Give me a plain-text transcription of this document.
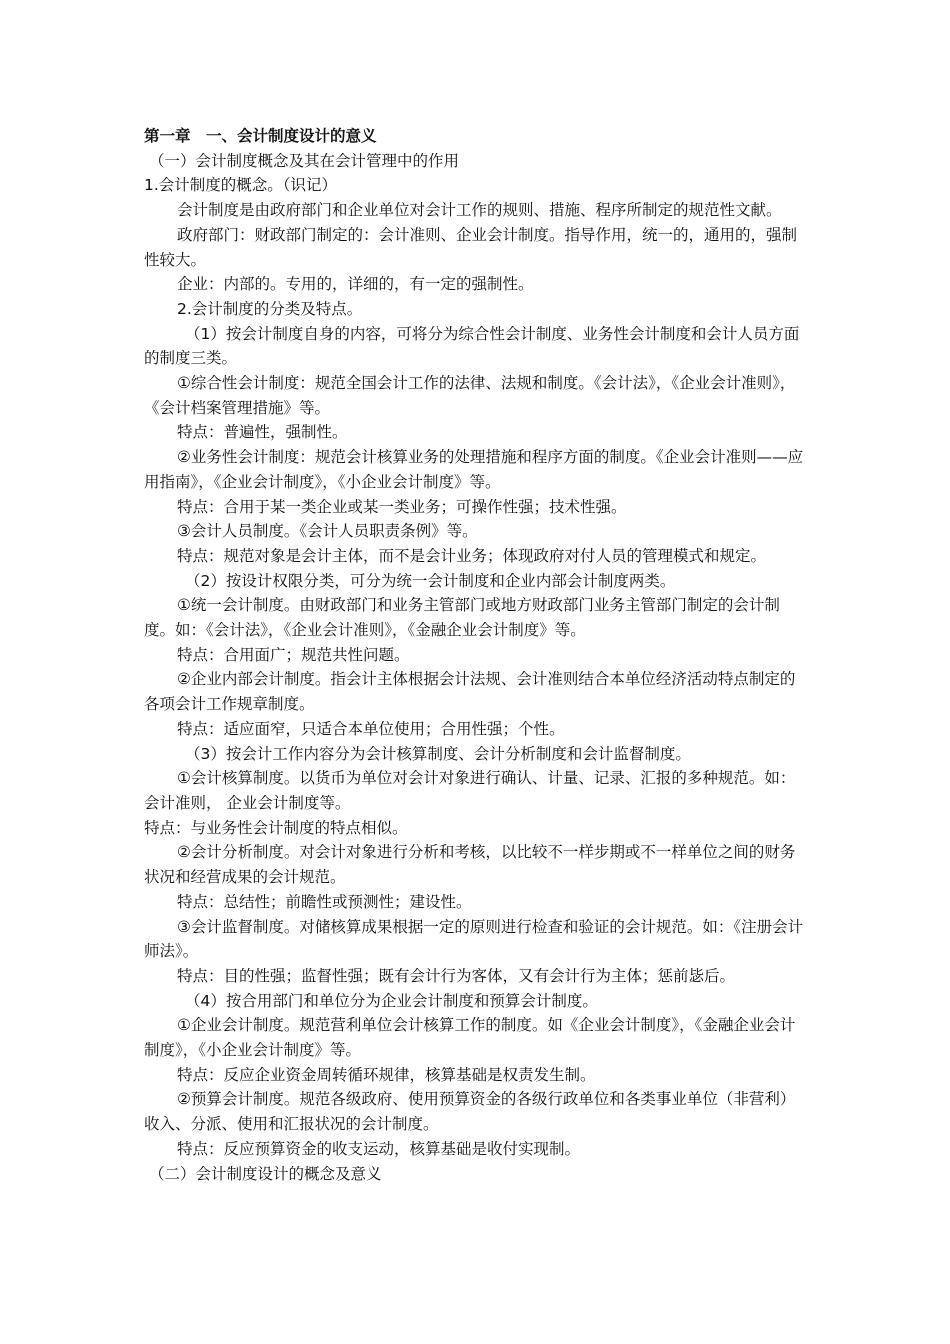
第一章　一、会计制度设计的意义

（一）会计制度概念及其在会计管理中的作用

1.会计制度的概念。（识记）

会计制度是由政府部门和企业单位对会计工作的规则、措施、程序所制定的规范性文献。

政府部门：财政部门制定的：会计准则、企业会计制度。指导作用，统一的，通用的，强制性较大。

企业：内部的。专用的，详细的，有一定的强制性。

2.会计制度的分类及特点。

（1）按会计制度自身的内容，可将分为综合性会计制度、业务性会计制度和会计人员方面的制度三类。

①综合性会计制度：规范全国会计工作的法律、法规和制度。《会计法》，《企业会计准则》，《会计档案管理措施》等。

特点：普遍性，强制性。

②业务性会计制度：规范会计核算业务的处理措施和程序方面的制度。《企业会计准则——应用指南》，《企业会计制度》，《小企业会计制度》等。

特点：合用于某一类企业或某一类业务；可操作性强；技术性强。

③会计人员制度。《会计人员职责条例》等。

特点：规范对象是会计主体，而不是会计业务；体现政府对付人员的管理模式和规定。

（2）按设计权限分类，可分为统一会计制度和企业内部会计制度两类。

①统一会计制度。由财政部门和业务主管部门或地方财政部门业务主管部门制定的会计制度。如：《会计法》，《企业会计准则》，《金融企业会计制度》等。

特点：合用面广；规范共性问题。

②企业内部会计制度。指会计主体根据会计法规、会计准则结合本单位经济活动特点制定的各项会计工作规章制度。

特点：适应面窄，只适合本单位使用；合用性强；个性。

（3）按会计工作内容分为会计核算制度、会计分析制度和会计监督制度。

①会计核算制度。以货币为单位对会计对象进行确认、计量、记录、汇报的多种规范。如：会计准则， 企业会计制度等。

特点：与业务性会计制度的特点相似。

②会计分析制度。对会计对象进行分析和考核，以比较不一样步期或不一样单位之间的财务状况和经营成果的会计规范。

特点：总结性；前瞻性或预测性；建设性。

③会计监督制度。对储核算成果根据一定的原则进行检查和验证的会计规范。如：《注册会计师法》。

特点：目的性强；监督性强；既有会计行为客体，又有会计行为主体；惩前毖后。

（4）按合用部门和单位分为企业会计制度和预算会计制度。

①企业会计制度。规范营利单位会计核算工作的制度。如《企业会计制度》，《金融企业会计制度》，《小企业会计制度》等。

特点：反应企业资金周转循环规律，核算基础是权责发生制。

②预算会计制度。规范各级政府、使用预算资金的各级行政单位和各类事业单位（非营利）收入、分派、使用和汇报状况的会计制度。

特点：反应预算资金的收支运动，核算基础是收付实现制。

（二）会计制度设计的概念及意义
